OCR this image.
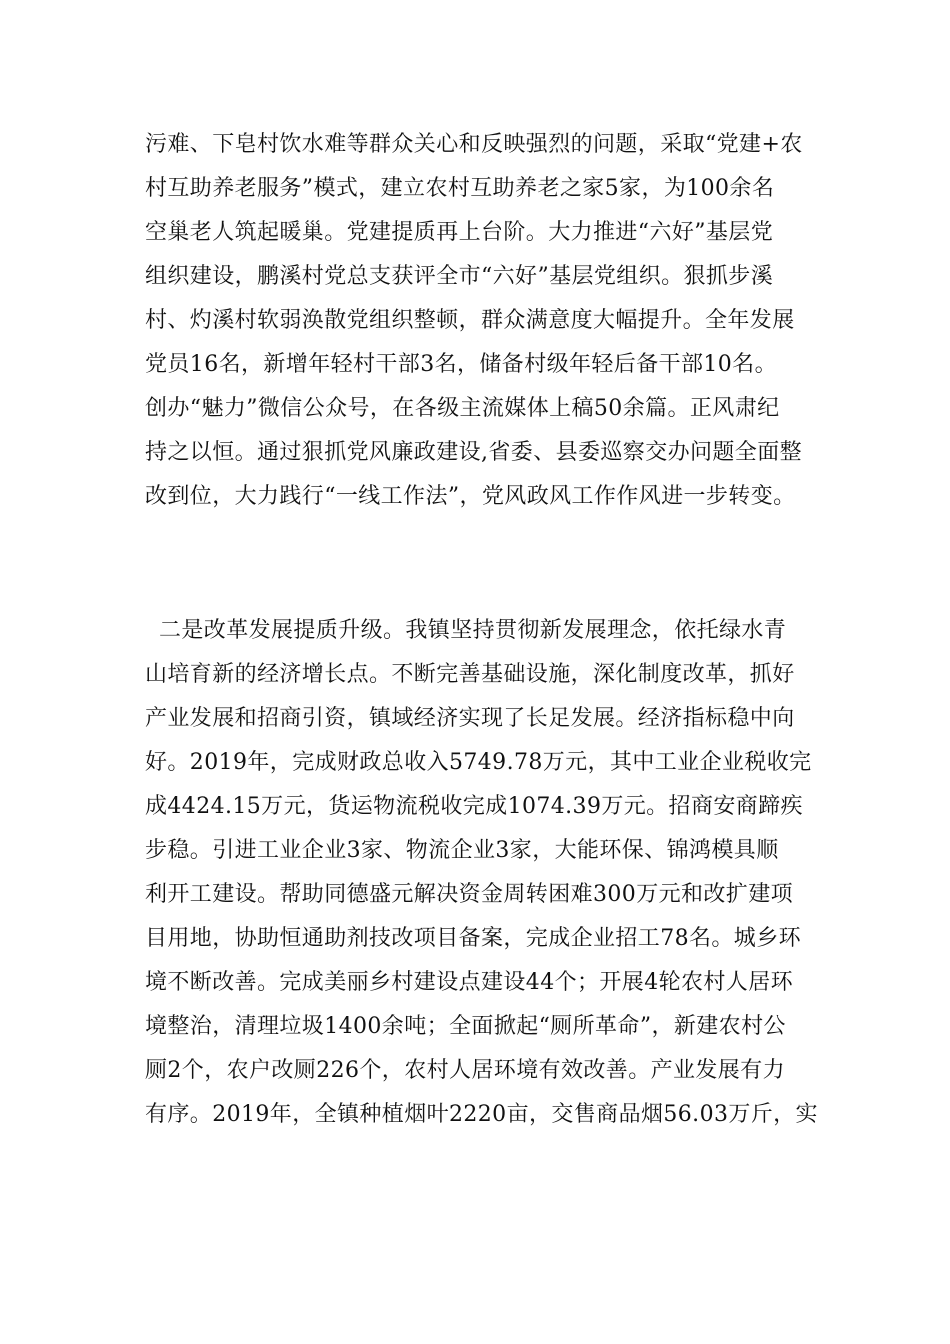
污难、下皂村饮水难等群众关心和反映强烈的问题，采取“党建+农
村互助养老服务”模式，建立农村互助养老之家5家，为100余名
空巢老人筑起暖巢。党建提质再上台阶。大力推进“六好”基层党
组织建设，鹏溪村党总支获评全市“六好”基层党组织。狠抓步溪
村、灼溪村软弱涣散党组织整顿，群众满意度大幅提升。全年发展
党员16名，新增年轻村干部3名，储备村级年轻后备干部10名。
创办“魅力”微信公众号，在各级主流媒体上稿50余篇。正风肃纪
持之以恒。通过狠抓党风廉政建设,省委、县委巡察交办问题全面整
改到位，大力践行“一线工作法”，党风政风工作作风进一步转变。
二是改革发展提质升级。我镇坚持贯彻新发展理念，依托绿水青
山培育新的经济增长点。不断完善基础设施，深化制度改革，抓好
产业发展和招商引资，镇域经济实现了长足发展。经济指标稳中向
好。2019年，完成财政总收入5749.78万元，其中工业企业税收完
成4424.15万元，货运物流税收完成1074.39万元。招商安商蹄疾
步稳。引进工业企业3家、物流企业3家，大能环保、锦鸿模具顺
利开工建设。帮助同德盛元解决资金周转困难300万元和改扩建项
目用地，协助恒通助剂技改项目备案，完成企业招工78名。城乡环
境不断改善。完成美丽乡村建设点建设44个；开展4轮农村人居环
境整治，清理垃圾1400余吨；全面掀起“厕所革命”，新建农村公
厕2个，农户改厕226个，农村人居环境有效改善。产业发展有力
有序。2019年，全镇种植烟叶2220亩，交售商品烟56.03万斤，实
